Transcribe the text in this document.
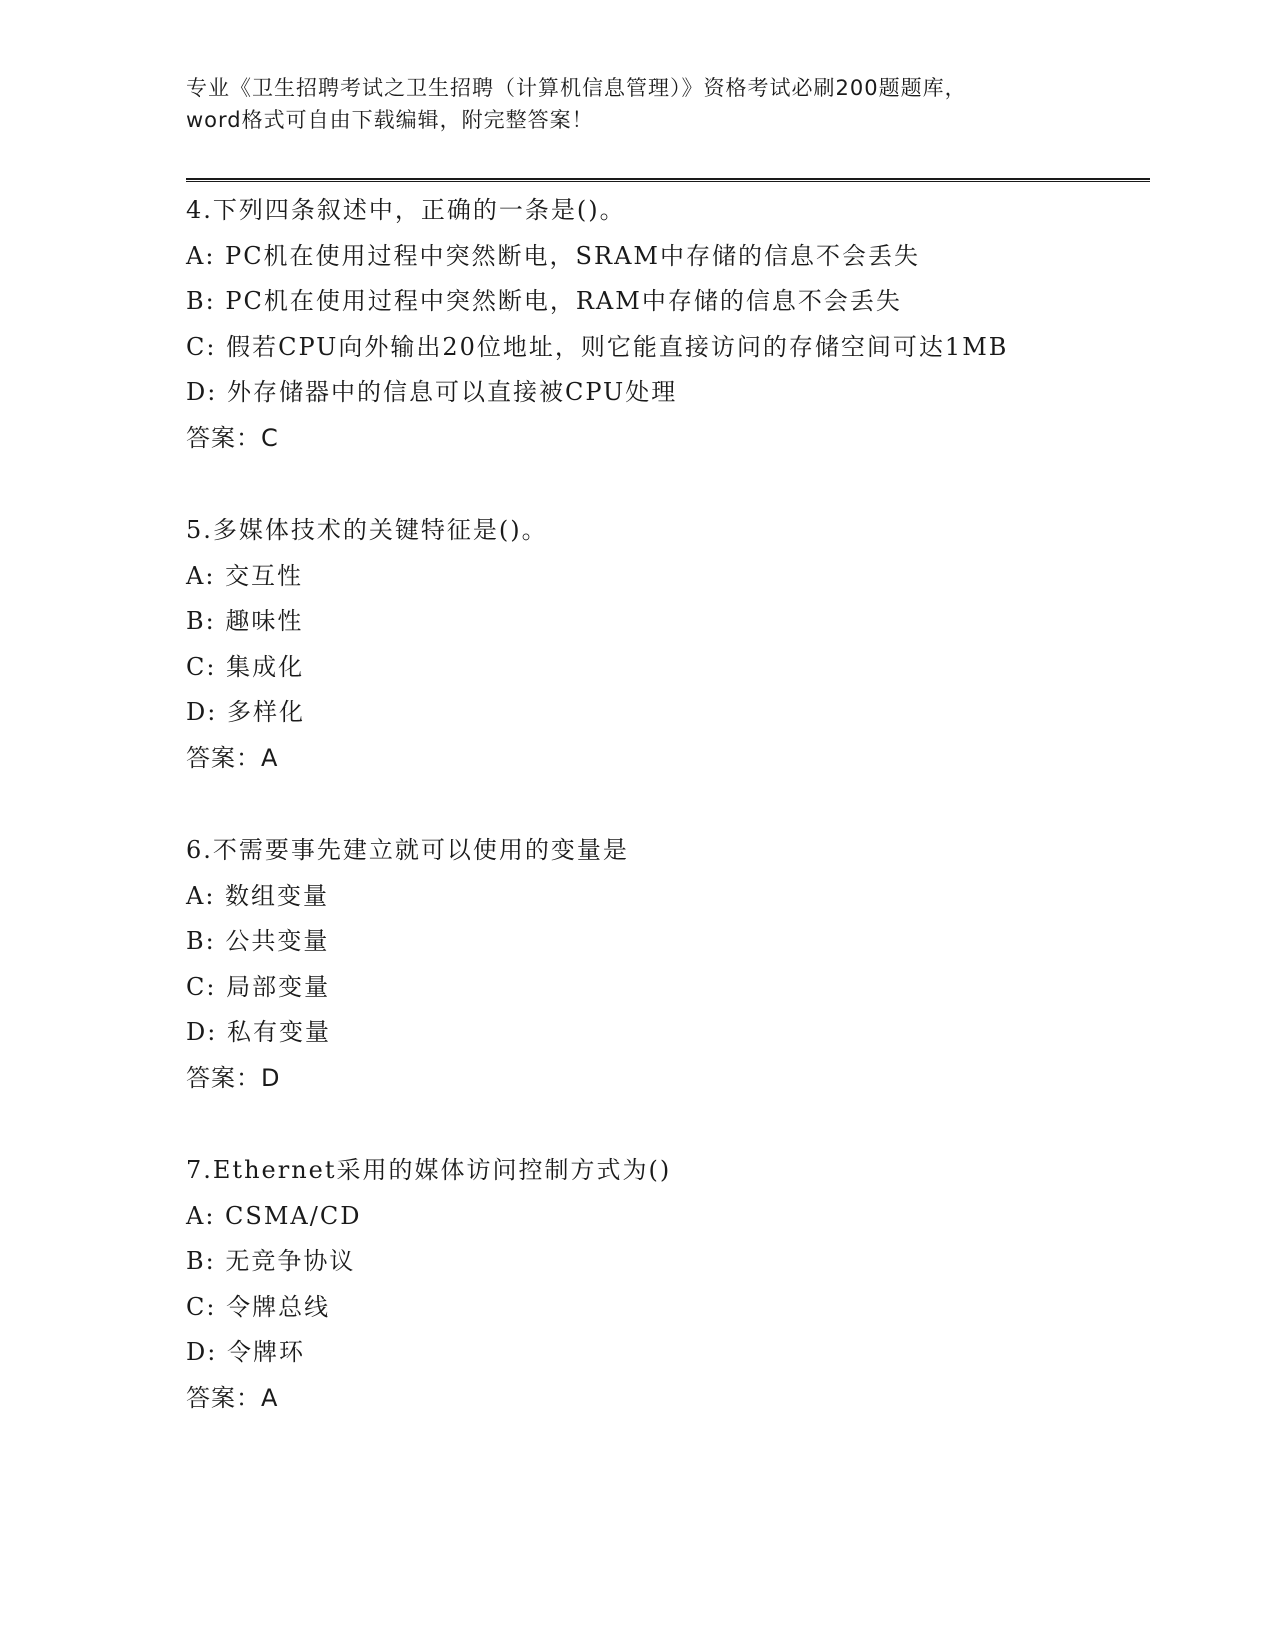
专业《卫生招聘考试之卫生招聘（计算机信息管理）》资格考试必刷200题题库，
word格式可自由下载编辑，附完整答案！
4.下列四条叙述中，正确的一条是()。
A: PC机在使用过程中突然断电，SRAM中存储的信息不会丢失
B: PC机在使用过程中突然断电，RAM中存储的信息不会丢失
C: 假若CPU向外输出20位地址，则它能直接访问的存储空间可达1MB
D: 外存储器中的信息可以直接被CPU处理
答案：C
5.多媒体技术的关键特征是()。
A: 交互性
B: 趣味性
C: 集成化
D: 多样化
答案：A
6.不需要事先建立就可以使用的变量是
A: 数组变量
B: 公共变量
C: 局部变量
D: 私有变量
答案：D
7.Ethernet采用的媒体访问控制方式为()
A: CSMA/CD
B: 无竞争协议
C: 令牌总线
D: 令牌环
答案：A
